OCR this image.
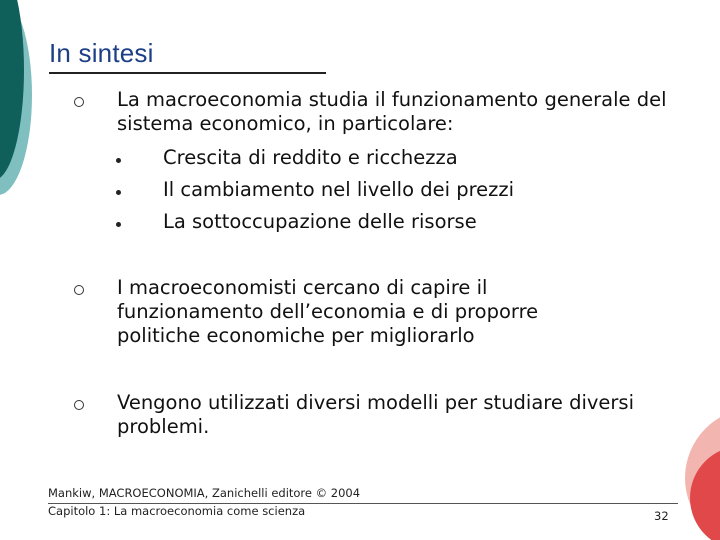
In sintesi
La macroeconomia studia il funzionamento generale del sistema economico, in particolare:
Crescita di reddito e ricchezza
Il cambiamento nel livello dei prezzi
La sottoccupazione delle risorse
I macroeconomisti cercano di capire il funzionamento dell’economia e di proporre politiche economiche per migliorarlo
Vengono utilizzati diversi modelli per studiare diversi problemi.
Mankiw, MACROECONOMIA, Zanichelli editore © 2004
Capitolo 1: La macroeconomia come scienza	32
